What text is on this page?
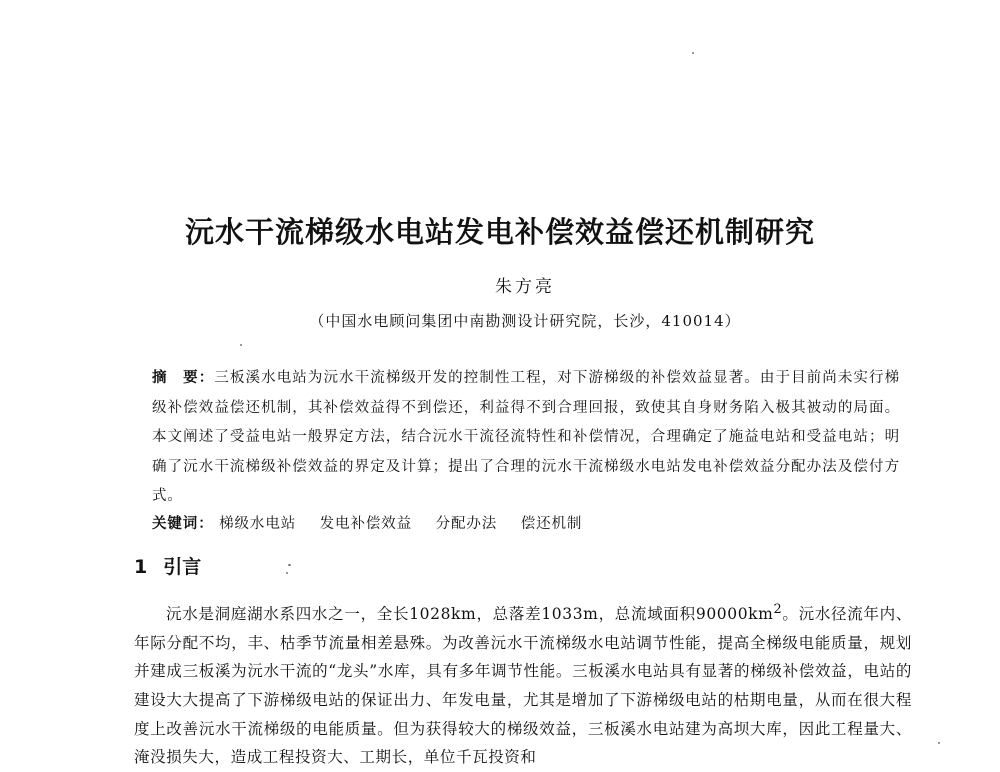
沅水干流梯级水电站发电补偿效益偿还机制研究
朱方亮
（中国水电顾问集团中南勘测设计研究院，长沙，410014）
摘　要：三板溪水电站为沅水干流梯级开发的控制性工程，对下游梯级的补偿效益显著。由于目前尚未实行梯级补偿效益偿还机制，其补偿效益得不到偿还，利益得不到合理回报，致使其自身财务陷入极其被动的局面。本文阐述了受益电站一般界定方法，结合沅水干流径流特性和补偿情况，合理确定了施益电站和受益电站；明确了沅水干流梯级补偿效益的界定及计算；提出了合理的沅水干流梯级水电站发电补偿效益分配办法及偿付方式。
关键词： 梯级水电站 发电补偿效益 分配办法 偿还机制
1 引言
沅水是洞庭湖水系四水之一，全长1028km，总落差1033m，总流域面积$90000km^2$。沅水径流年内、年际分配不均，丰、枯季节流量相差悬殊。为改善沅水干流梯级水电站调节性能，提高全梯级电能质量，规划并建成三板溪为沅水干流的“龙头”水库，具有多年调节性能。三板溪水电站具有显著的梯级补偿效益，电站的建设大大提高了下游梯级电站的保证出力、年发电量，尤其是增加了下游梯级电站的枯期电量，从而在很大程度上改善沅水干流梯级的电能质量。但为获得较大的梯级效益，三板溪水电站建为高坝大库，因此工程量大、淹没损失大，造成工程投资大、工期长，单位千瓦投资和
